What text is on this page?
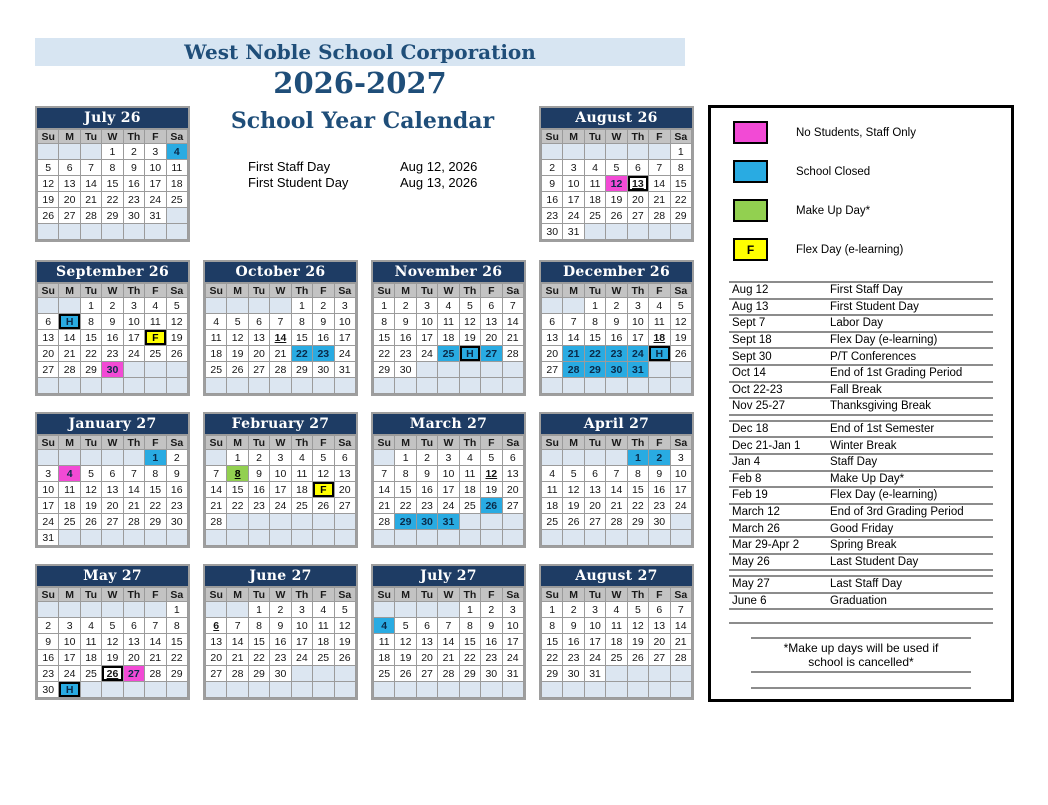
West Noble School Corporation
2026-2027
School Year Calendar
First Staff Day	Aug 12, 2026
First Student Day	Aug 13, 2026
July 26
Su	M	Tu	W	Th	F	Sa
			1	2	3	4
5	6	7	8	9	10	11
12	13	14	15	16	17	18
19	20	21	22	23	24	25
26	27	28	29	30	31	

August 26
Su	M	Tu	W	Th	F	Sa
						1
2	3	4	5	6	7	8
9	10	11	12	13	14	15
16	17	18	19	20	21	22
23	24	25	26	27	28	29
30	31					
September 26
Su	M	Tu	W	Th	F	Sa
		1	2	3	4	5
6	H	8	9	10	11	12
13	14	15	16	17	F	19
20	21	22	23	24	25	26
27	28	29	30			

October 26
Su	M	Tu	W	Th	F	Sa
				1	2	3
4	5	6	7	8	9	10
11	12	13	14	15	16	17
18	19	20	21	22	23	24
25	26	27	28	29	30	31

November 26
Su	M	Tu	W	Th	F	Sa
1	2	3	4	5	6	7
8	9	10	11	12	13	14
15	16	17	18	19	20	21
22	23	24	25	H	27	28
29	30					

December 26
Su	M	Tu	W	Th	F	Sa
		1	2	3	4	5
6	7	8	9	10	11	12
13	14	15	16	17	18	19
20	21	22	23	24	H	26
27	28	29	30	31		

January 27
Su	M	Tu	W	Th	F	Sa
					1	2
3	4	5	6	7	8	9
10	11	12	13	14	15	16
17	18	19	20	21	22	23
24	25	26	27	28	29	30
31						
February 27
Su	M	Tu	W	Th	F	Sa
	1	2	3	4	5	6
7	8	9	10	11	12	13
14	15	16	17	18	F	20
21	22	23	24	25	26	27
28						

March 27
Su	M	Tu	W	Th	F	Sa
	1	2	3	4	5	6
7	8	9	10	11	12	13
14	15	16	17	18	19	20
21	22	23	24	25	26	27
28	29	30	31			

April 27
Su	M	Tu	W	Th	F	Sa
				1	2	3
4	5	6	7	8	9	10
11	12	13	14	15	16	17
18	19	20	21	22	23	24
25	26	27	28	29	30	

May 27
Su	M	Tu	W	Th	F	Sa
						1
2	3	4	5	6	7	8
9	10	11	12	13	14	15
16	17	18	19	20	21	22
23	24	25	26	27	28	29
30	H					
June 27
Su	M	Tu	W	Th	F	Sa
		1	2	3	4	5
6	7	8	9	10	11	12
13	14	15	16	17	18	19
20	21	22	23	24	25	26
27	28	29	30			

July 27
Su	M	Tu	W	Th	F	Sa
				1	2	3
4	5	6	7	8	9	10
11	12	13	14	15	16	17
18	19	20	21	22	23	24
25	26	27	28	29	30	31

August 27
Su	M	Tu	W	Th	F	Sa
1	2	3	4	5	6	7
8	9	10	11	12	13	14
15	16	17	18	19	20	21
22	23	24	25	26	27	28
29	30	31				

No Students, Staff Only
School Closed
Make Up Day*
F	Flex Day (e-learning)
Aug 12	First Staff Day
Aug 13	First Student Day
Sept 7	Labor Day
Sept 18	Flex Day (e-learning)
Sept 30	P/T Conferences
Oct 14	End of 1st Grading Period
Oct 22-23	Fall Break
Nov 25-27	Thanksgiving Break
Dec 18	End of 1st Semester
Dec 21-Jan 1	Winter Break
Jan 4	Staff Day
Feb 8	Make Up Day*
Feb 19	Flex Day (e-learning)
March 12	End of 3rd Grading Period
March 26	Good Friday
Mar 29-Apr 2	Spring Break
May 26	Last Student Day
May 27	Last Staff Day
June 6	Graduation
*Make up days will be used if
school is cancelled*
